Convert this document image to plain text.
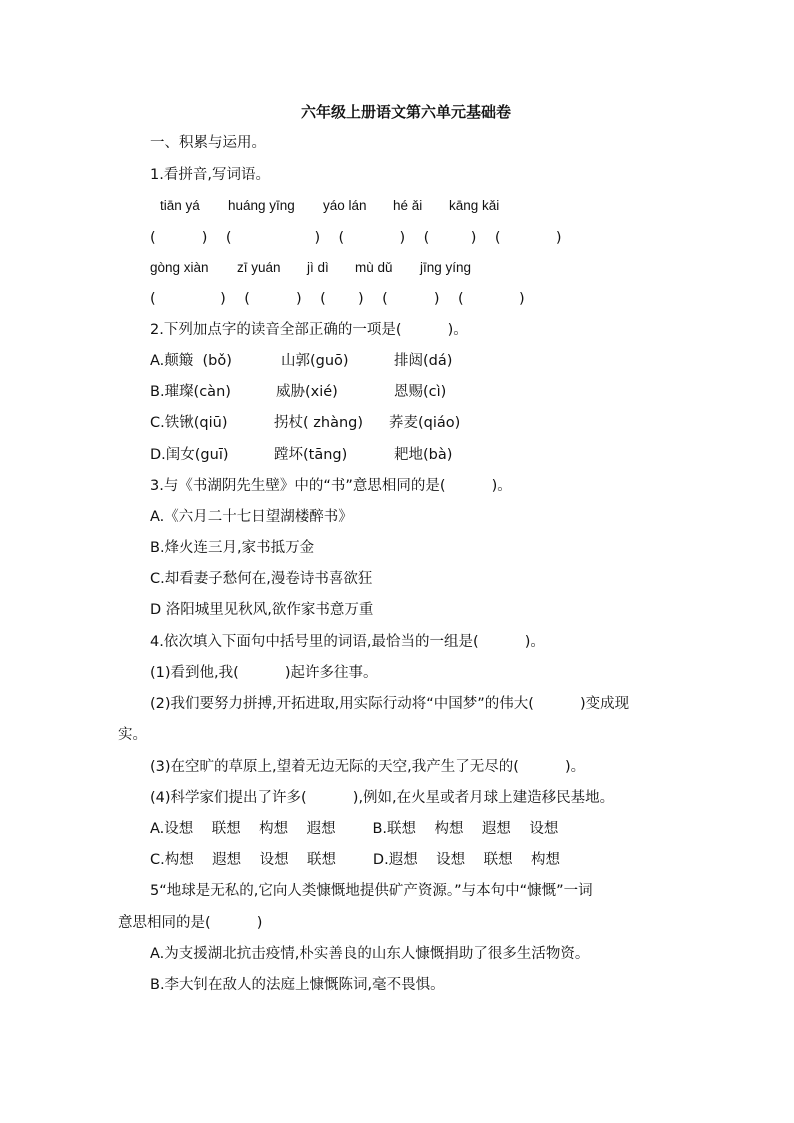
六年级上册语文第六单元基础卷
一、积累与运用。
1.看拼音,写词语。
tiān yá huáng yīng yáo lán hé ǎi kāng kǎi
(          )    (                  )    (            )    (         )    (            )
gòng xiàn zī yuán jì dì mù dǔ jīng yíng
(              )    (          )    (       )    (          )    (            )
2.下列加点字的读音全部正确的一项是(          )。
A.颠簸  (bǒ)	山郭(guō)	排闼(dá)
B.璀璨(càn)	威胁(xié)	恩赐(cì)
C.铁锹(qiū)	拐杖( zhàng) 荞麦(qiáo)
D.闺女(guī)	蹚坏(tāng)	耙地(bà)
3.与《书湖阴先生壁》中的“书”意思相同的是(          )。
A.《六月二十七日望湖楼醉书》
B.烽火连三月,家书抵万金
C.却看妻子愁何在,漫卷诗书喜欲狂
D 洛阳城里见秋风,欲作家书意万重
4.依次填入下面句中括号里的词语,最恰当的一组是(          )。
(1)看到他,我(          )起许多往事。
(2)我们要努力拼搏,开拓进取,用实际行动将“中国梦”的伟大(          )变成现
实。
(3)在空旷的草原上,望着无边无际的天空,我产生了无尽的(          )。
(4)科学家们提出了许多(          ),例如,在火星或者月球上建造移民基地。
A.设想    联想    构想    遐想        B.联想    构想    遐想    设想
C.构想    遐想    设想    联想        D.遐想    设想    联想    构想
5“地球是无私的,它向人类慷慨地提供矿产资源。”与本句中“慷慨”一词
意思相同的是(          )
A.为支援湖北抗击疫情,朴实善良的山东人慷慨捐助了很多生活物资。
B.李大钊在敌人的法庭上慷慨陈词,毫不畏惧。
